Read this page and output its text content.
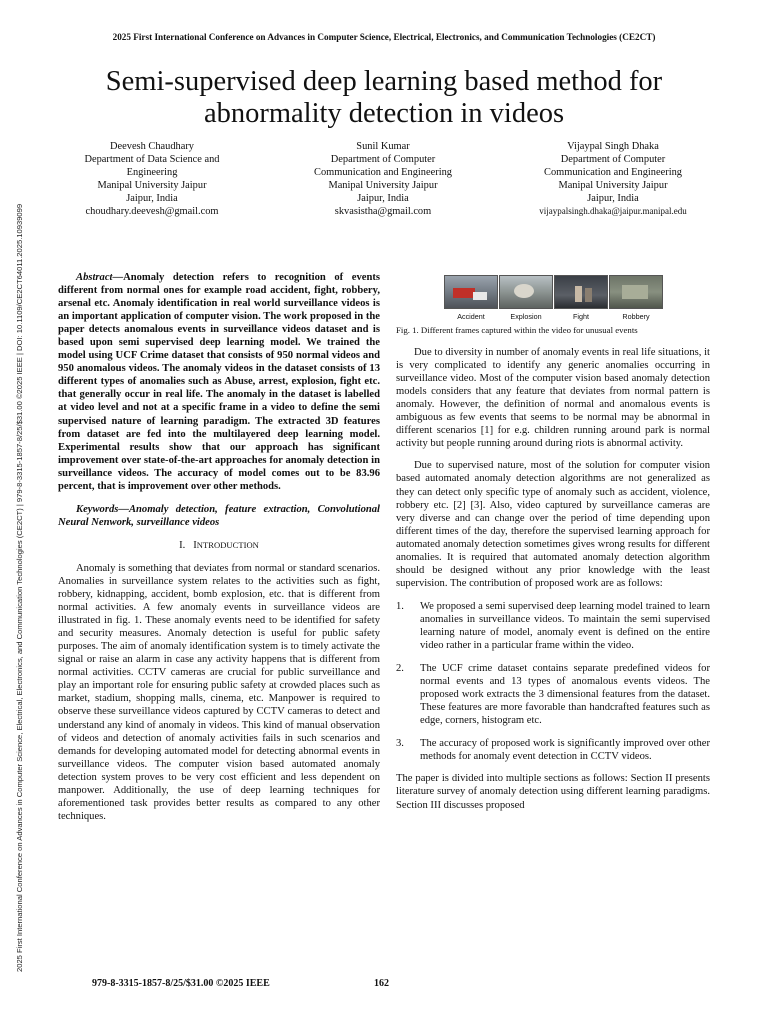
2025 First International Conference on Advances in Computer Science, Electrical, Electronics, and Communication Technologies (CE2CT)
2025 First International Conference on Advances in Computer Science, Electrical, Electronics, and Communication Technologies (CE2CT) | 979-8-3315-1857-8/25/$31.00 ©2025 IEEE | DOI: 10.1109/CE2CT64011.2025.10939099
Semi-supervised deep learning based method for abnormality detection in videos
Deevesh Chaudhary
Department of Data Science and
Engineering
Manipal University Jaipur
Jaipur, India
choudhary.deevesh@gmail.com
Sunil Kumar
Department of Computer
Communication and Engineering
Manipal University Jaipur
Jaipur, India
skvasistha@gmail.com
Vijaypal Singh Dhaka
Department of Computer
Communication and Engineering
Manipal University Jaipur
Jaipur, India
vijaypalsingh.dhaka@jaipur.manipal.edu

Abstract—Anomaly detection refers to recognition of events different from normal ones for example road accident, fight, robbery, arsenal etc. Anomaly identification in real world surveillance videos is an important application of computer vision. The work proposed in the paper detects anomalous events in surveillance videos dataset and is based upon semi supervised deep learning model. We trained the model using UCF Crime dataset that consists of 950 normal videos and 950 anomalous videos. The anomaly videos in the dataset consists of 13 different types of anomalies such as Abuse, arrest, explosion, fight etc. that generally occur in real life. The anomaly in the dataset is labelled at video level and not at a specific frame in a video to define the semi supervised nature of learning paradigm. The extracted 3D features from dataset are fed into the multilayered deep learning model. Experimental results show that our approach has significant improvement over state-of-the-art approaches for anomaly detection in surveillance videos. The accuracy of model comes out to be 83.96 percent, that is improvement over other methods.

Keywords—Anomaly detection, feature extraction, Convolutional Neural Nenwork, surveillance videos

I. INTRODUCTION

Anomaly is something that deviates from normal or standard scenarios. Anomalies in surveillance system relates to the activities such as fight, robbery, kidnapping, accident, bomb explosion, etc. that is different from normal activities. A few anomaly events in surveillance videos are illustrated in fig. 1. These anomaly events need to be identified for safety and security measures. Anomaly detection is useful for public safety purposes. The aim of anomaly identification system is to timely activate the signal or raise an alarm in case any activity happens that is different from normal activities. CCTV cameras are crucial for public surveillance and play an important role for ensuring public safety at crowded places such as market, stadium, shopping malls, cinema, etc. Manpower is required to observe these surveillance videos captured by CCTV cameras to detect and understand any kind of anomaly in videos. This kind of manual observation of videos and detection of anomaly activities fails in such scenarios and demands for developing automated model for detecting abnormal events in surveillance videos. The computer vision based automated anomaly detection system proves to be very cost efficient and less dependent on manpower. Additionally, the use of deep learning techniques for aforementioned task provides better results as compared to any other techniques.

Accident	Explosion	Fight	Robbery

Fig. 1. Different frames captured within the video for unusual events

Due to diversity in number of anomaly events in real life situations, it is very complicated to identify any generic anomalies occurring in surveillance video. Most of the computer vision based anomaly detection models considers that any feature that deviates from normal pattern is anomaly. However, the definition of normal and anomalous events is ambiguous as few events that seems to be normal may be abnormal in different scenarios [1] for e.g. children running around park is normal activity but people running around during riots is abnormal activity.

Due to supervised nature, most of the solution for computer vision based automated anomaly detection algorithms are not generalized as they can detect only specific type of anomaly such as accident, violence, robbery etc. [2] [3]. Also, video captured by surveillance cameras are very diverse and can change over the period of time depending upon different times of the day, therefore the supervised learning approach for automated anomaly detection sometimes gives wrong results for different anomalies. It is required that automated anomaly detection algorithm should be designed without any prior knowledge with the least supervision. The contribution of proposed work are as follows:

1. We proposed a semi supervised deep learning model trained to learn anomalies in surveillance videos. To maintain the semi supervised learning nature of model, anomaly event is defined on the entire video rather in a particular frame within the video.

2. The UCF crime dataset contains separate predefined videos for normal events and 13 types of anomalous events videos. The proposed work extracts the 3 dimensional features from the dataset. These features are more favorable than handcrafted features such as edge, corners, histogram etc.

3. The accuracy of proposed work is significantly improved over other methods for anomaly event detection in CCTV videos.

The paper is divided into multiple sections as follows: Section II presents literature survey of anomaly detection using different learning paradigms. Section III discusses proposed

979-8-3315-1857-8/25/$31.00 ©2025 IEEE	162
